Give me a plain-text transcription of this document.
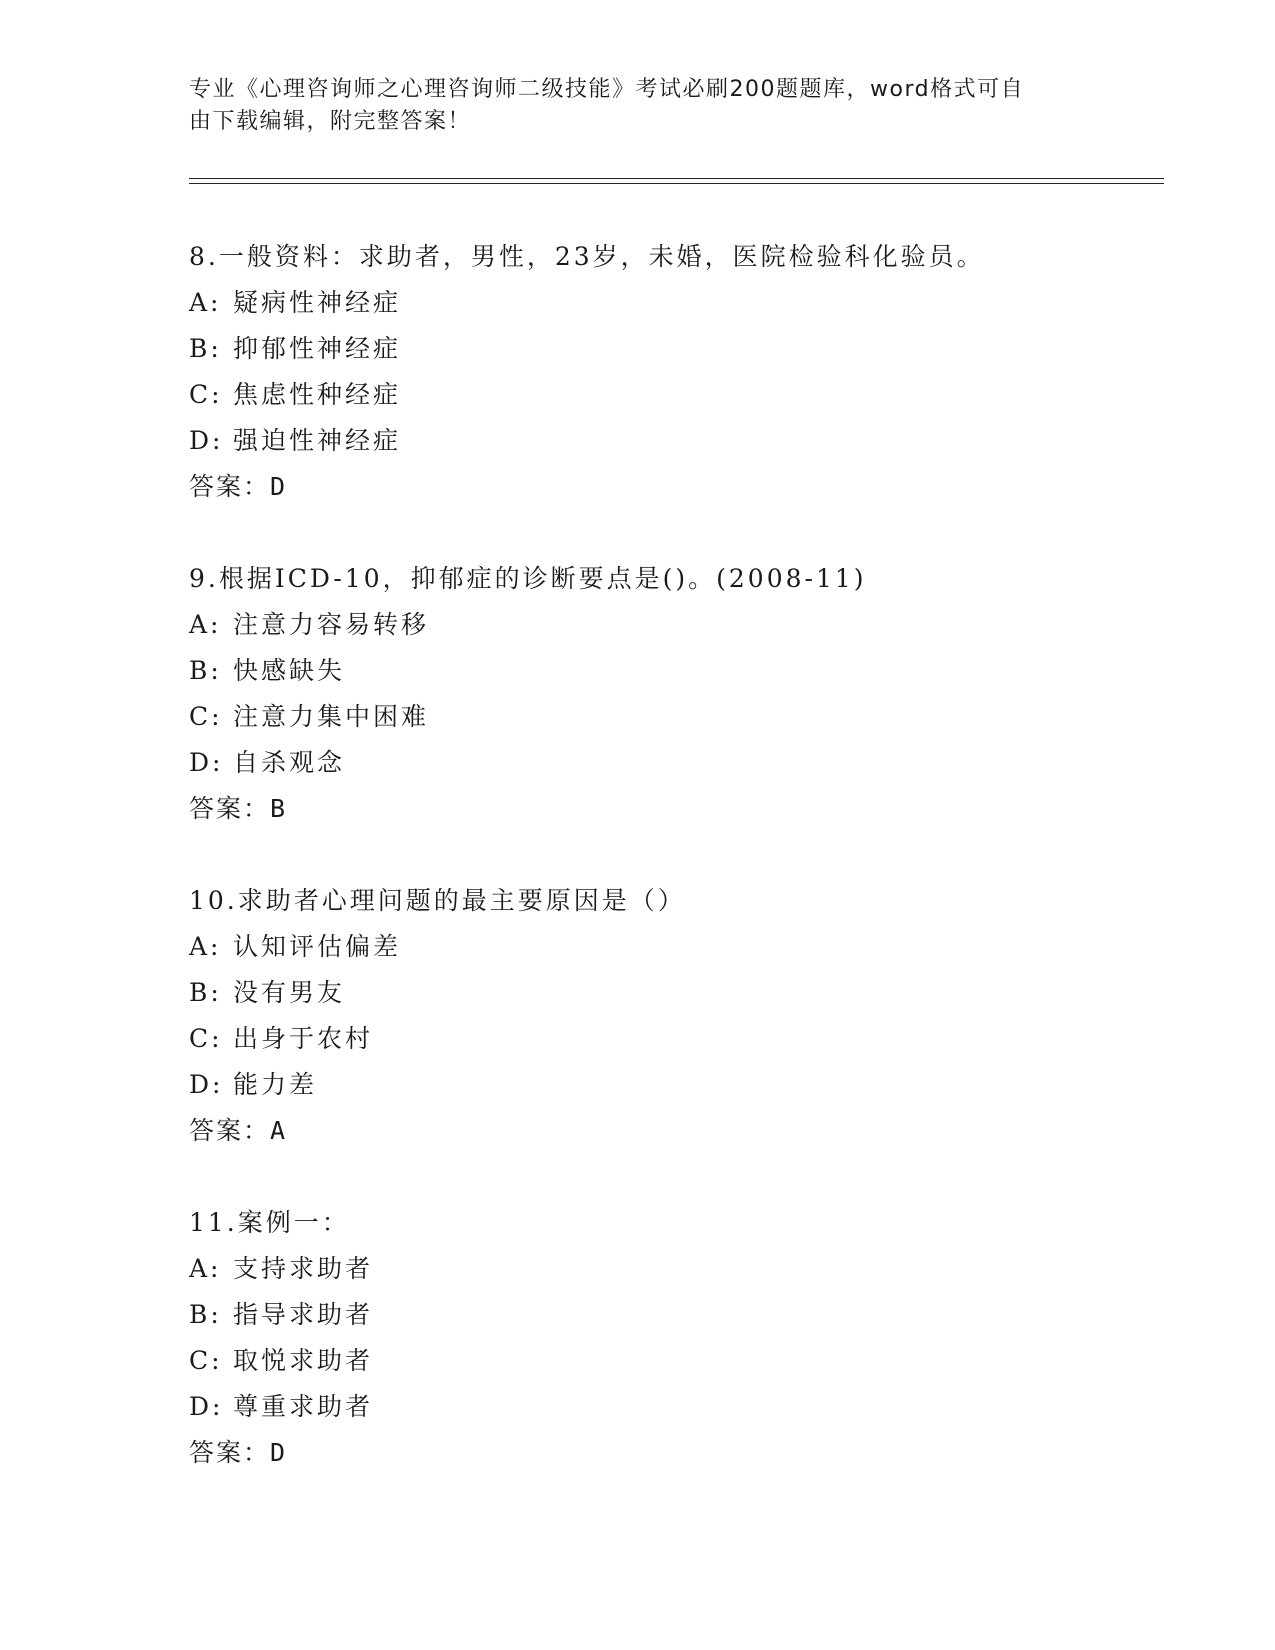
专业《心理咨询师之心理咨询师二级技能》考试必刷200题题库，word格式可自
由下载编辑，附完整答案！
8.一般资料：求助者，男性，23岁，未婚，医院检验科化验员。
A: 疑病性神经症
B: 抑郁性神经症
C: 焦虑性种经症
D: 强迫性神经症
答案：D
9.根据ICD-10，抑郁症的诊断要点是()。(2008-11)
A: 注意力容易转移
B: 快感缺失
C: 注意力集中困难
D: 自杀观念
答案：B
10.求助者心理问题的最主要原因是（）
A: 认知评估偏差
B: 没有男友
C: 出身于农村
D: 能力差
答案：A
11.案例一：
A: 支持求助者
B: 指导求助者
C: 取悦求助者
D: 尊重求助者
答案：D
